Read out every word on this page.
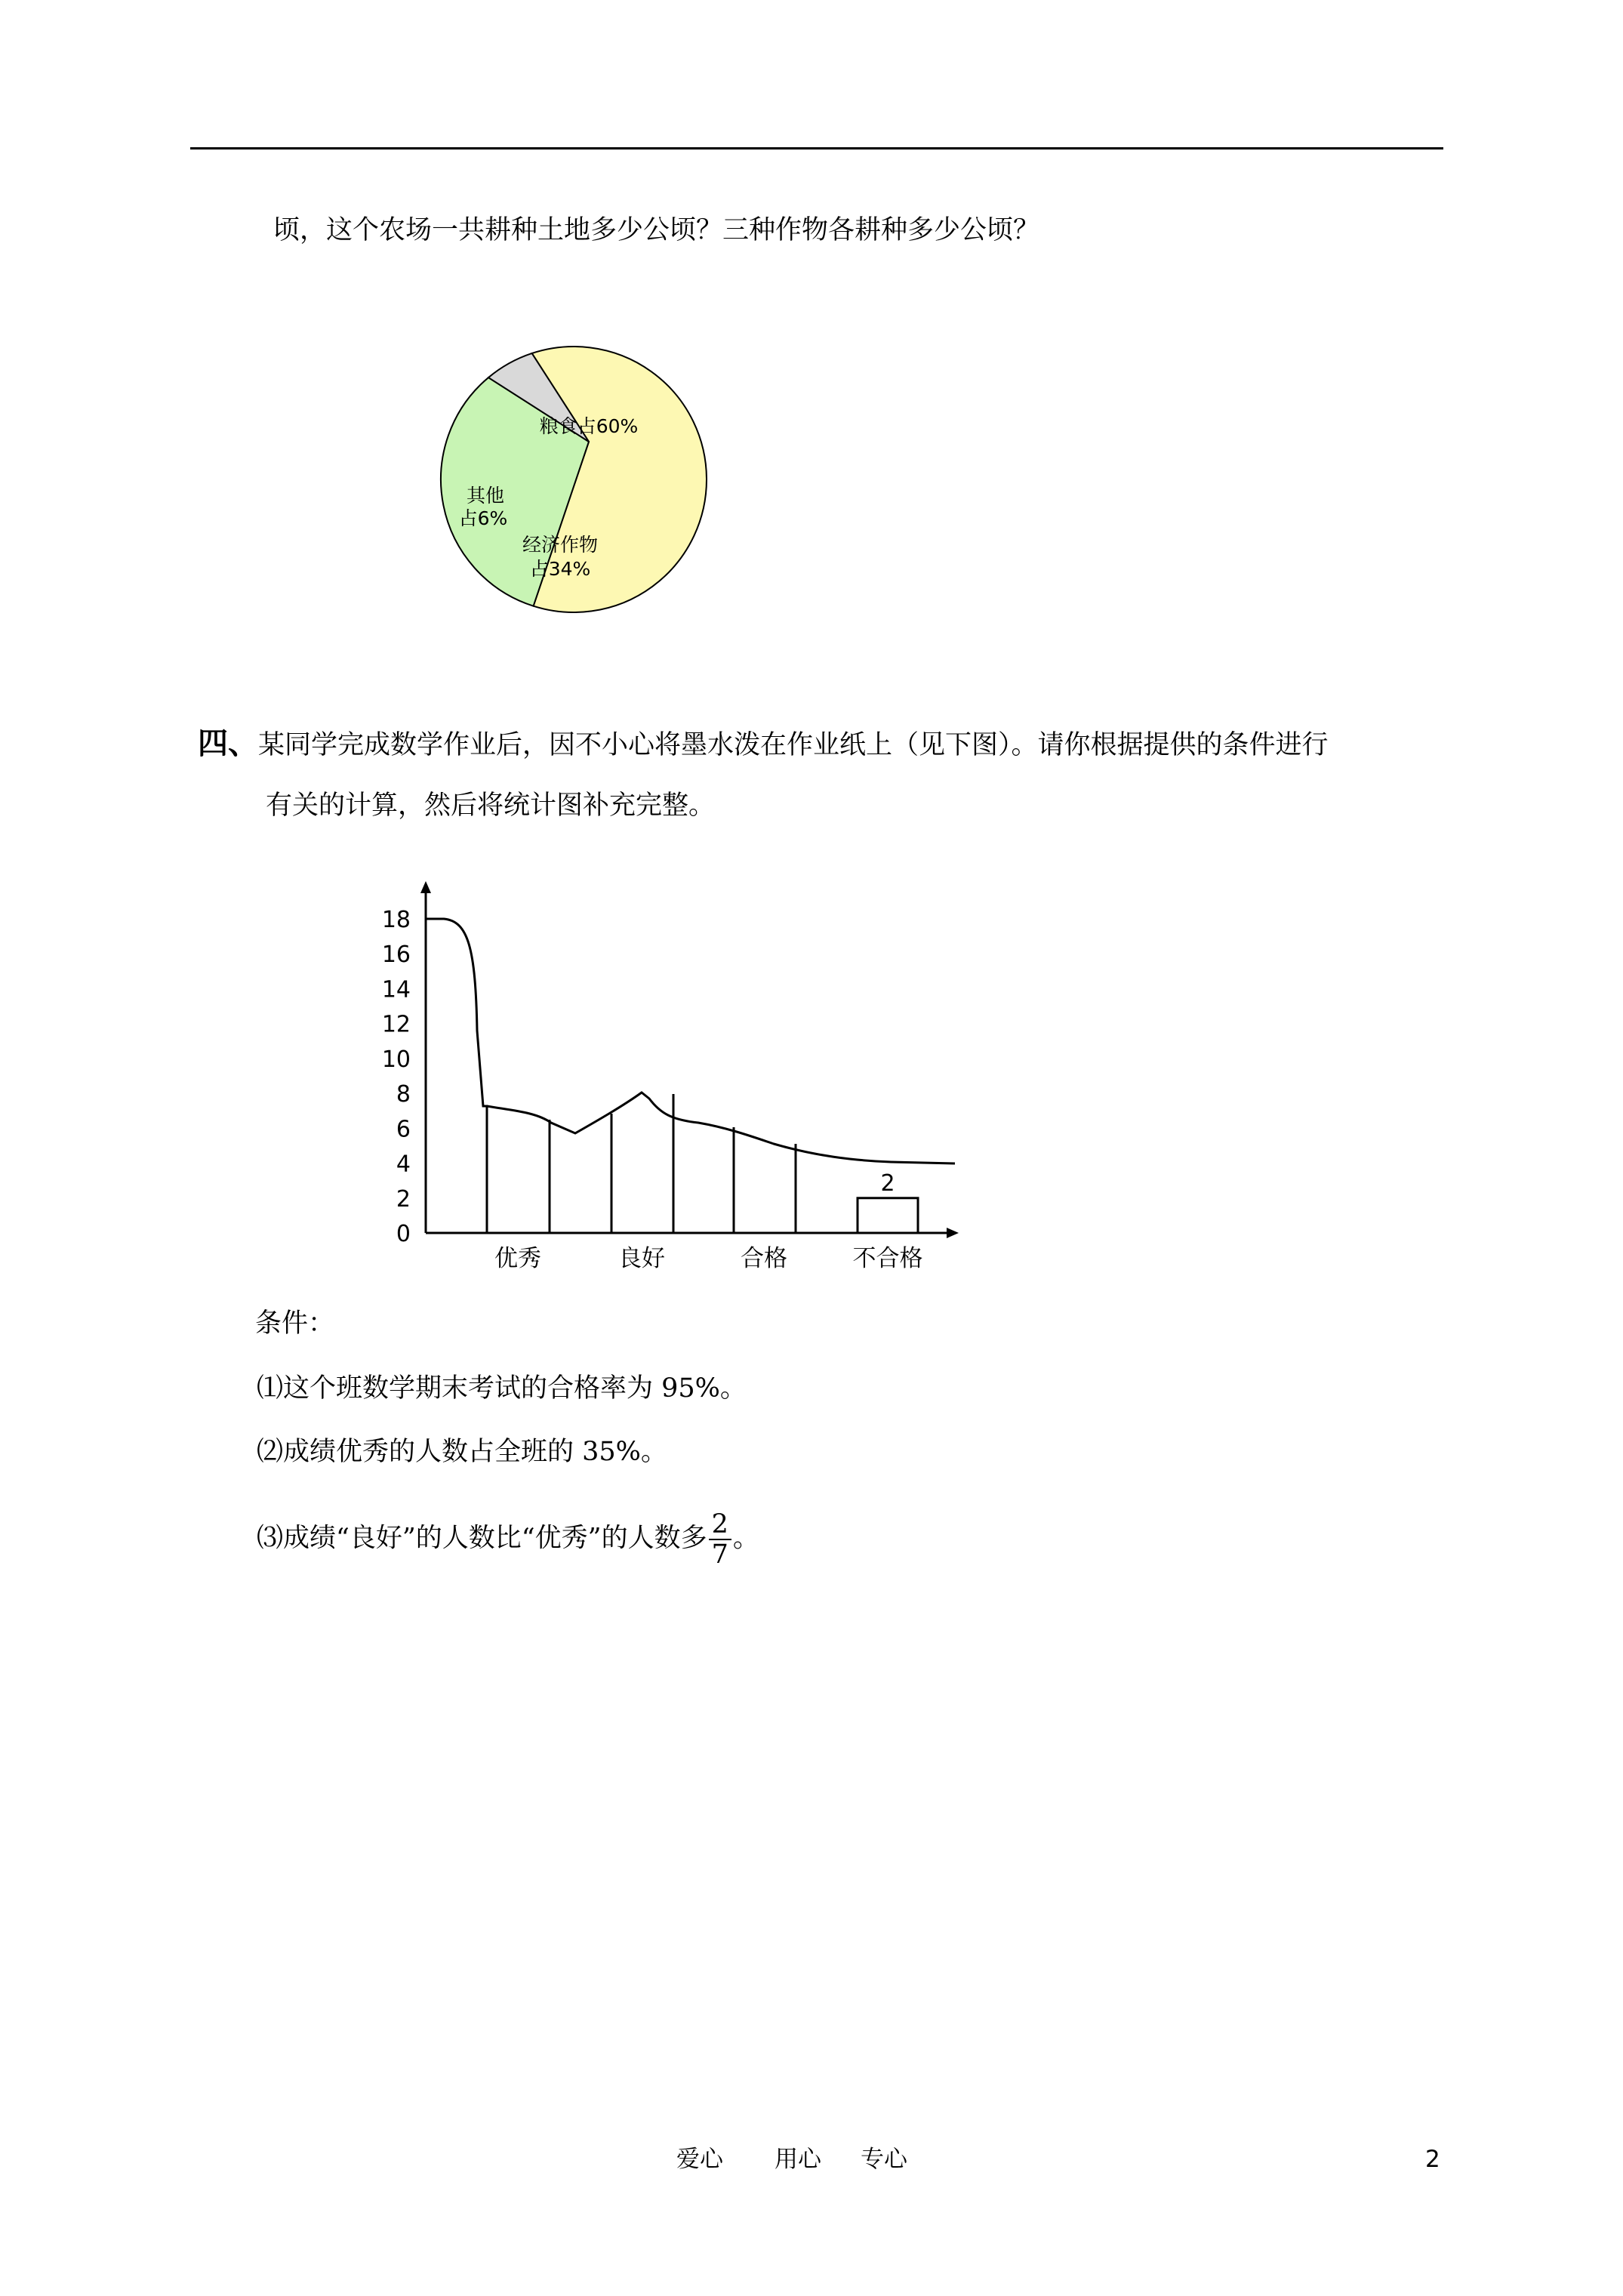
顷，这个农场一共耕种土地多少公顷？三种作物各耕种多少公顷？
粮食占60%
经济作物
占34%
其他
占6%
四、某同学完成数学作业后，因不小心将墨水泼在作业纸上（见下图）。请你根据提供的条件进行
有关的计算，然后将统计图补充完整。
0
2
4
6
8
10
12
14
16
18
2
优秀	良好	合格	不合格
条件：
⑴这个班数学期末考试的合格率为 95%。
⑵成绩优秀的人数占全班的 35%。
⑶成绩“良好”的人数比“优秀”的人数多 $\frac{2}{7}$ 。
爱心 用心 专心	2
